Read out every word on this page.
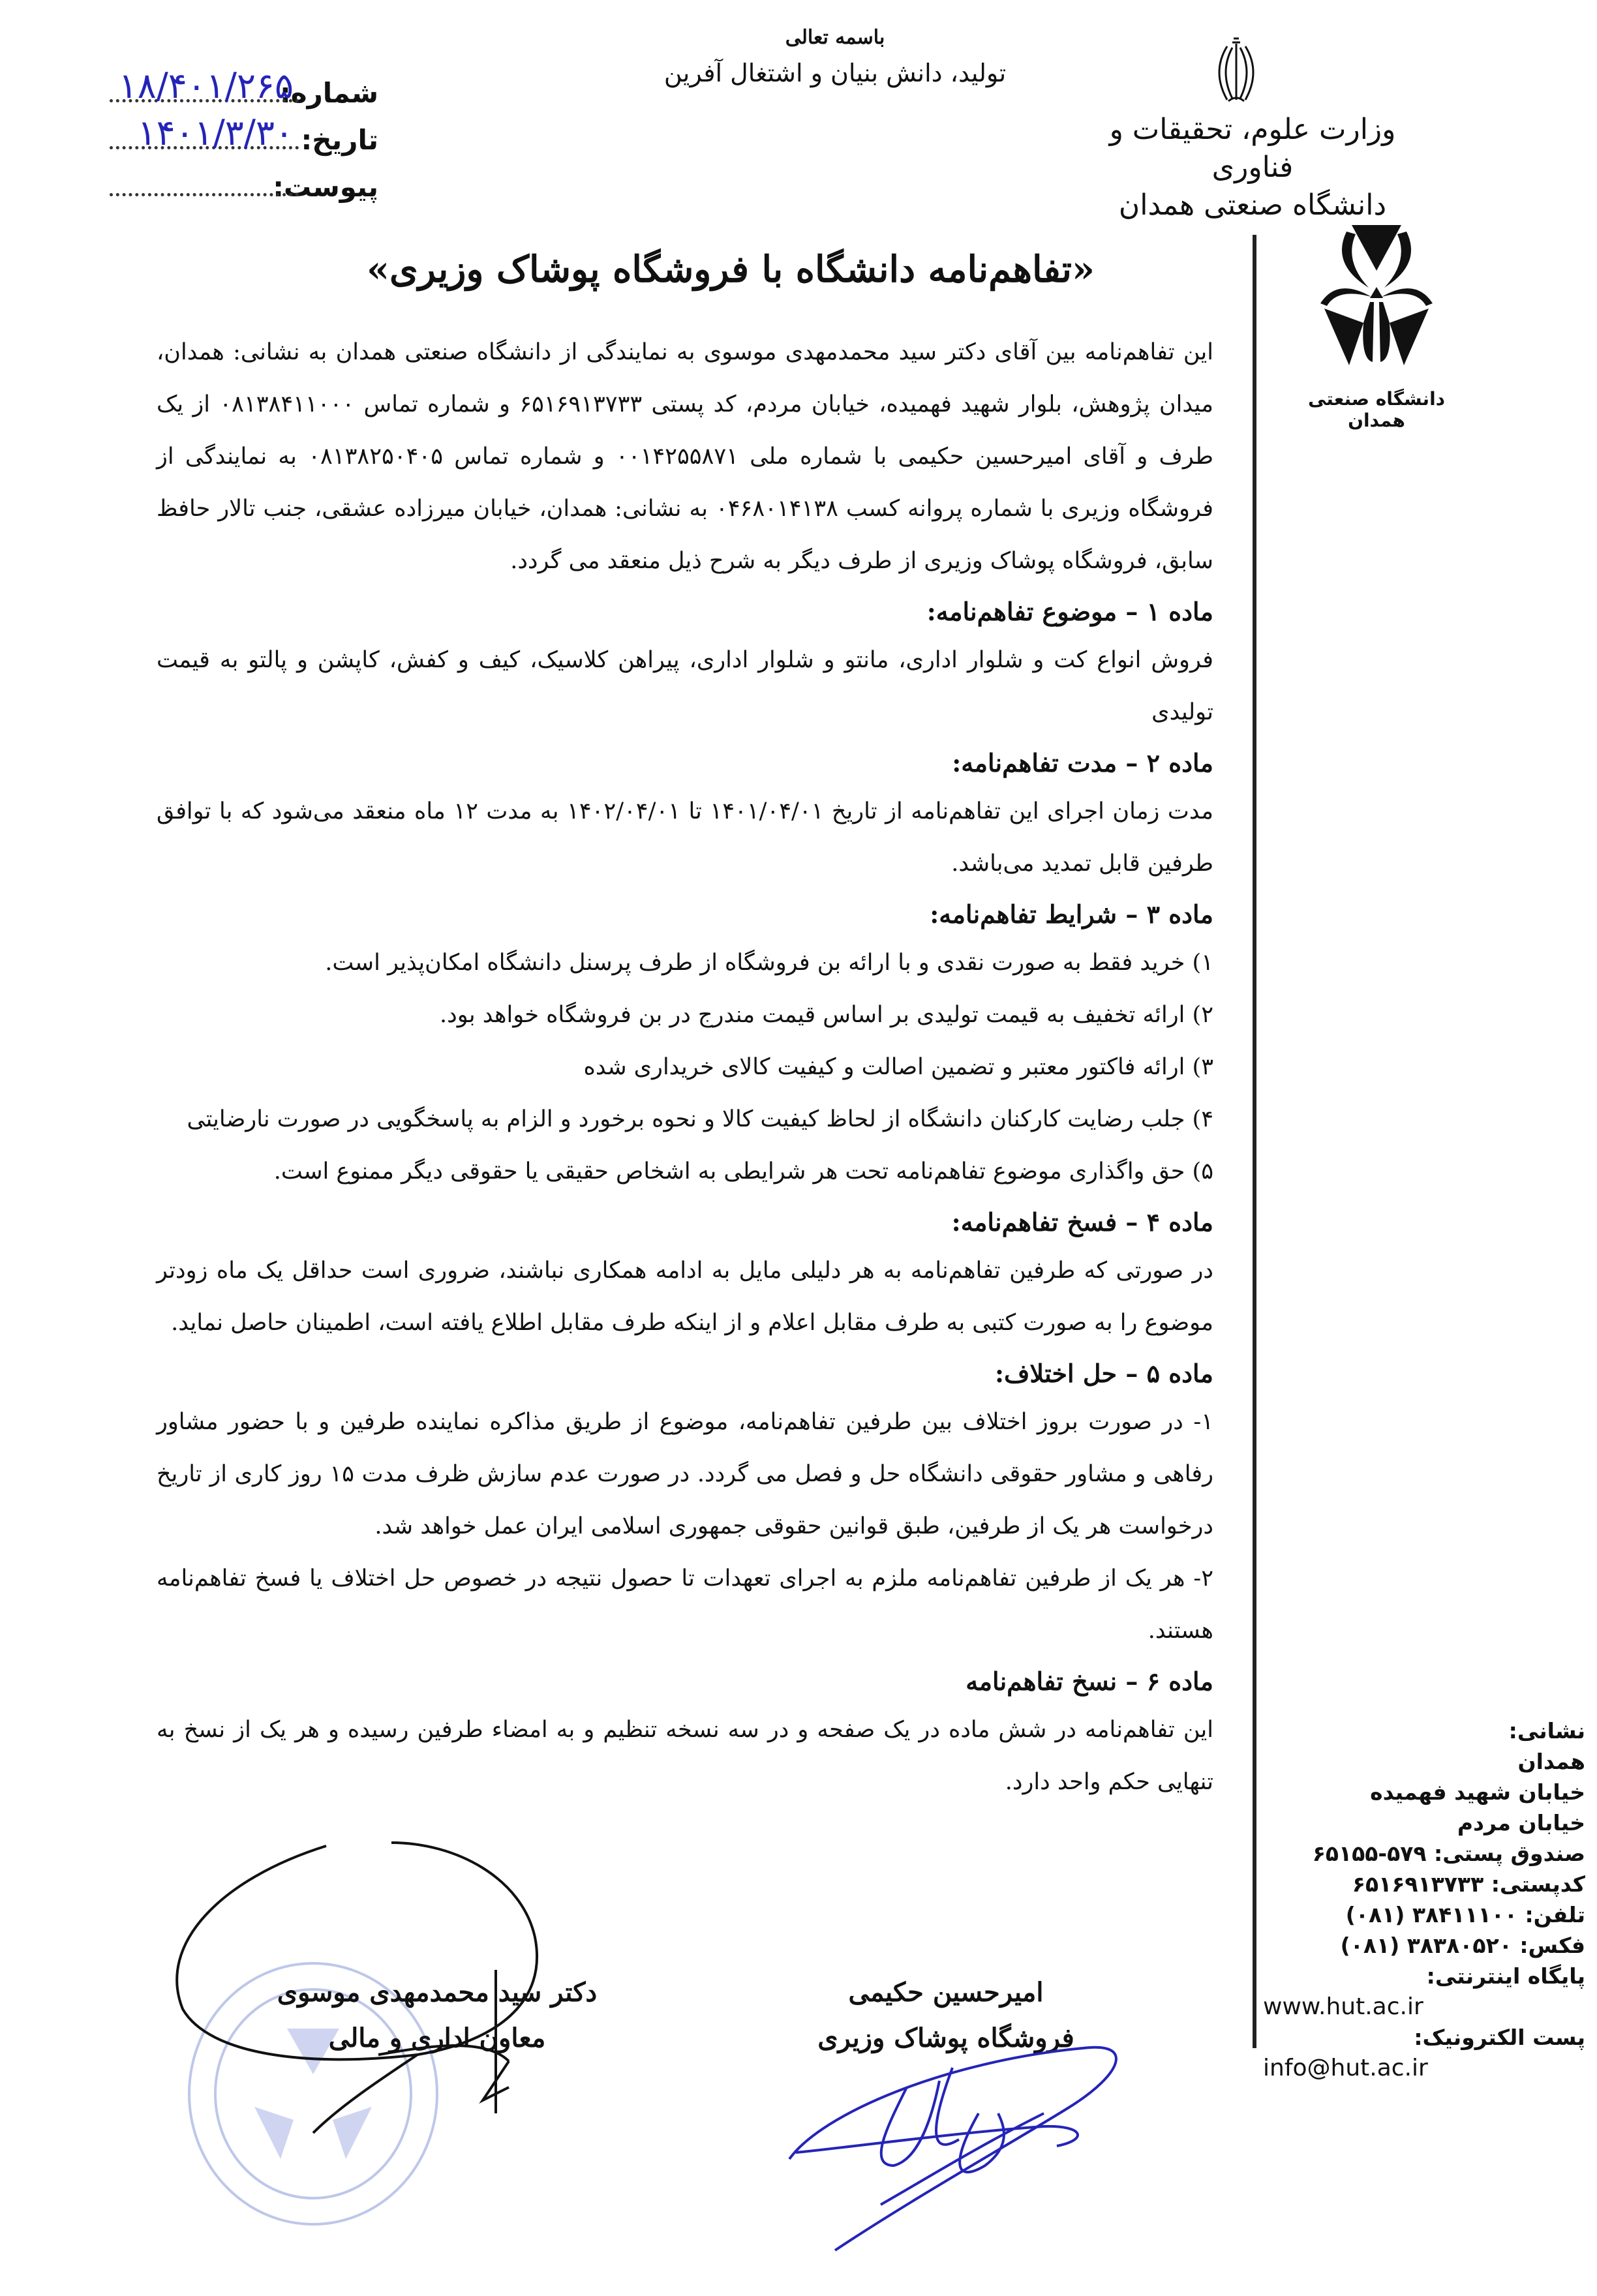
باسمه تعالی
تولید، دانش بنیان و اشتغال آفرین
وزارت علوم، تحقیقات و فناوری
دانشگاه صنعتی همدان
شماره:
۱۸/۴۰۱/۲۶۵
تاریخ:
۱۴۰۱/۳/۳۰
پیوست:
دانشگاه صنعتی همدان
«تفاهم‌نامه دانشگاه با فروشگاه پوشاک وزیری»

این تفاهم‌نامه بین آقای دکتر سید محمدمهدی موسوی به نمایندگی از دانشگاه صنعتی همدان به نشانی: همدان، میدان پژوهش، بلوار شهید فهمیده، خیابان مردم، کد پستی ۶۵۱۶۹۱۳۷۳۳ و شماره تماس ۰۸۱۳۸۴۱۱۰۰۰ از یک طرف و آقای امیرحسین حکیمی با شماره ملی ۰۰۱۴۲۵۵۸۷۱ و شماره تماس ۰۸۱۳۸۲۵۰۴۰۵ به نمایندگی از فروشگاه وزیری با شماره پروانه کسب ۰۴۶۸۰۱۴۱۳۸ به نشانی: همدان، خیابان میرزاده عشقی، جنب تالار حافظ سابق، فروشگاه پوشاک وزیری از طرف دیگر به شرح ذیل منعقد می گردد.

ماده ۱ – موضوع تفاهم‌نامه:

فروش انواع کت و شلوار اداری، مانتو و شلوار اداری، پیراهن کلاسیک، کیف و کفش، کاپشن و پالتو به قیمت تولیدی

ماده ۲ – مدت تفاهم‌نامه:

مدت زمان اجرای این تفاهم‌نامه از تاریخ ۱۴۰۱/۰۴/۰۱ تا ۱۴۰۲/۰۴/۰۱ به مدت ۱۲ ماه منعقد می‌شود که با توافق طرفین قابل تمدید می‌باشد.

ماده ۳ – شرایط تفاهم‌نامه:

۱) خرید فقط به صورت نقدی و با ارائه بن فروشگاه از طرف پرسنل دانشگاه امکان‌پذیر است.

۲) ارائه تخفیف به قیمت تولیدی بر اساس قیمت مندرج در بن فروشگاه خواهد بود.

۳) ارائه فاکتور معتبر و تضمین اصالت و کیفیت کالای خریداری شده

۴) جلب رضایت کارکنان دانشگاه از لحاظ کیفیت کالا و نحوه برخورد و الزام به پاسخگویی در صورت نارضایتی

۵) حق واگذاری موضوع تفاهم‌نامه تحت هر شرایطی به اشخاص حقیقی یا حقوقی دیگر ممنوع است.

ماده ۴ – فسخ تفاهم‌نامه:

در صورتی که طرفین تفاهم‌نامه به هر دلیلی مایل به ادامه همکاری نباشند، ضروری است حداقل یک ماه زودتر موضوع را به صورت کتبی به طرف مقابل اعلام و از اینکه طرف مقابل اطلاع یافته است، اطمینان حاصل نماید.

ماده ۵ – حل اختلاف:

۱- در صورت بروز اختلاف بین طرفین تفاهم‌نامه، موضوع از طریق مذاکره نماینده طرفین و با حضور مشاور رفاهی و مشاور حقوقی دانشگاه حل و فصل می گردد. در صورت عدم سازش ظرف مدت ۱۵ روز کاری از تاریخ درخواست هر یک از طرفین، طبق قوانین حقوقی جمهوری اسلامی ایران عمل خواهد شد.

۲- هر یک از طرفین تفاهم‌نامه ملزم به اجرای تعهدات تا حصول نتیجه در خصوص حل اختلاف یا فسخ تفاهم‌نامه هستند.

ماده ۶ – نسخ تفاهم‌نامه

این تفاهم‌نامه در شش ماده در یک صفحه و در سه نسخه تنظیم و به امضاء طرفین رسیده و هر یک از نسخ به تنهایی حکم واحد دارد.

نشانی:
همدان
خیابان شهید فهمیده
خیابان مردم
صندوق پستی: ۵۷۹-۶۵۱۵۵
کدپستی: ۶۵۱۶۹۱۳۷۳۳
تلفن: ۳۸۴۱۱۱۰۰ (۰۸۱)
فکس: ۳۸۳۸۰۵۲۰ (۰۸۱)
پایگاه اینترنتی:
www.hut.ac.ir
پست الکترونیک:
info@hut.ac.ir
دکتر سید محمدمهدی موسوی
معاون اداری و مالی
امیرحسین حکیمی
فروشگاه پوشاک وزیری
